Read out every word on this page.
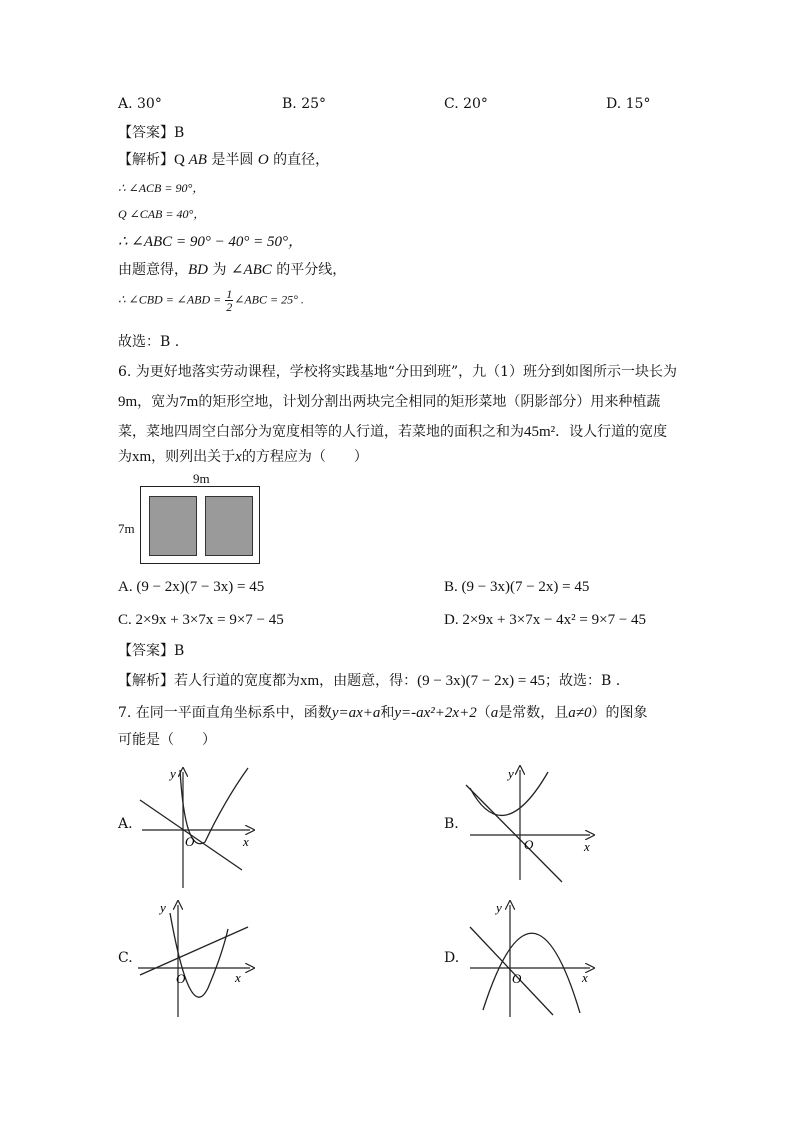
A. 30°	B. 25°	C. 20°	D. 15°
【答案】B
【解析】Q AB 是半圆 O 的直径，
∴ ∠ACB = 90°，
Q ∠CAB = 40°，
∴ ∠ABC = 90° − 40° = 50°，
由题意得，BD 为 ∠ABC 的平分线，
∴ ∠CBD = ∠ABD = $\frac{1}{2}$ ∠ABC = 25° .
故选：B .
6. 为更好地落实劳动课程，学校将实践基地“分田到班”，九（1）班分到如图所示一块长为
9m，宽为7m的矩形空地，计划分割出两块完全相同的矩形菜地（阴影部分）用来种植蔬
菜，菜地四周空白部分为宽度相等的人行道，若菜地的面积之和为45m²．设人行道的宽度
为xm，则列出关于x的方程应为（　　）
9m
7m
A. (9 − 2x)(7 − 3x) = 45	B. (9 − 3x)(7 − 2x) = 45
C. 2×9x + 3×7x = 9×7 − 45	D. 2×9x + 3×7x − 4x² = 9×7 − 45
【答案】B
【解析】若人行道的宽度都为xm，由题意，得：(9 − 3x)(7 − 2x) = 45；故选：B .
7. 在同一平面直角坐标系中，函数y=ax+a和y=-ax²+2x+2（a是常数，且a≠0）的图象
可能是（　　）
A.	B.
C.	D.
y
x
O
y
x
O
y
x
O
y
x
O
